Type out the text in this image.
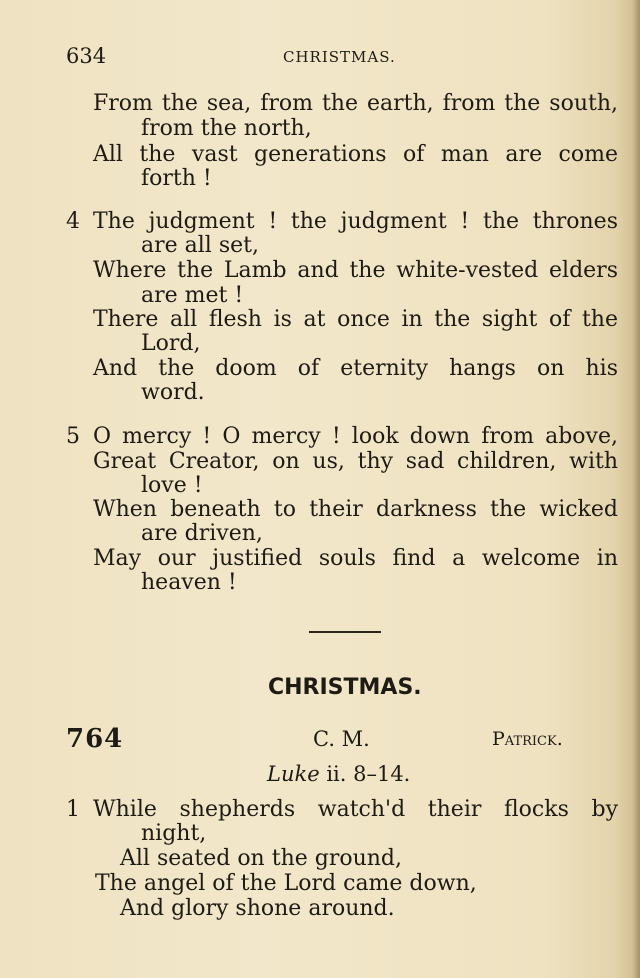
634	CHRISTMAS.
From the sea, from the earth, from the south,
from the north,
All the vast generations of man are come
forth !
4 The judgment ! the judgment ! the thrones
are all set,
Where the Lamb and the white-vested elders
are met !
There all flesh is at once in the sight of the
Lord,
And the doom of eternity hangs on his
word.
5 O mercy ! O mercy ! look down from above,
Great Creator, on us, thy sad children, with
love !
When beneath to their darkness the wicked
are driven,
May our justified souls find a welcome in
heaven !
CHRISTMAS.
764	C. M.	Patrick.
Luke ii. 8–14.
1 While shepherds watch'd their flocks by
night,
All seated on the ground,
The angel of the Lord came down,
And glory shone around.
